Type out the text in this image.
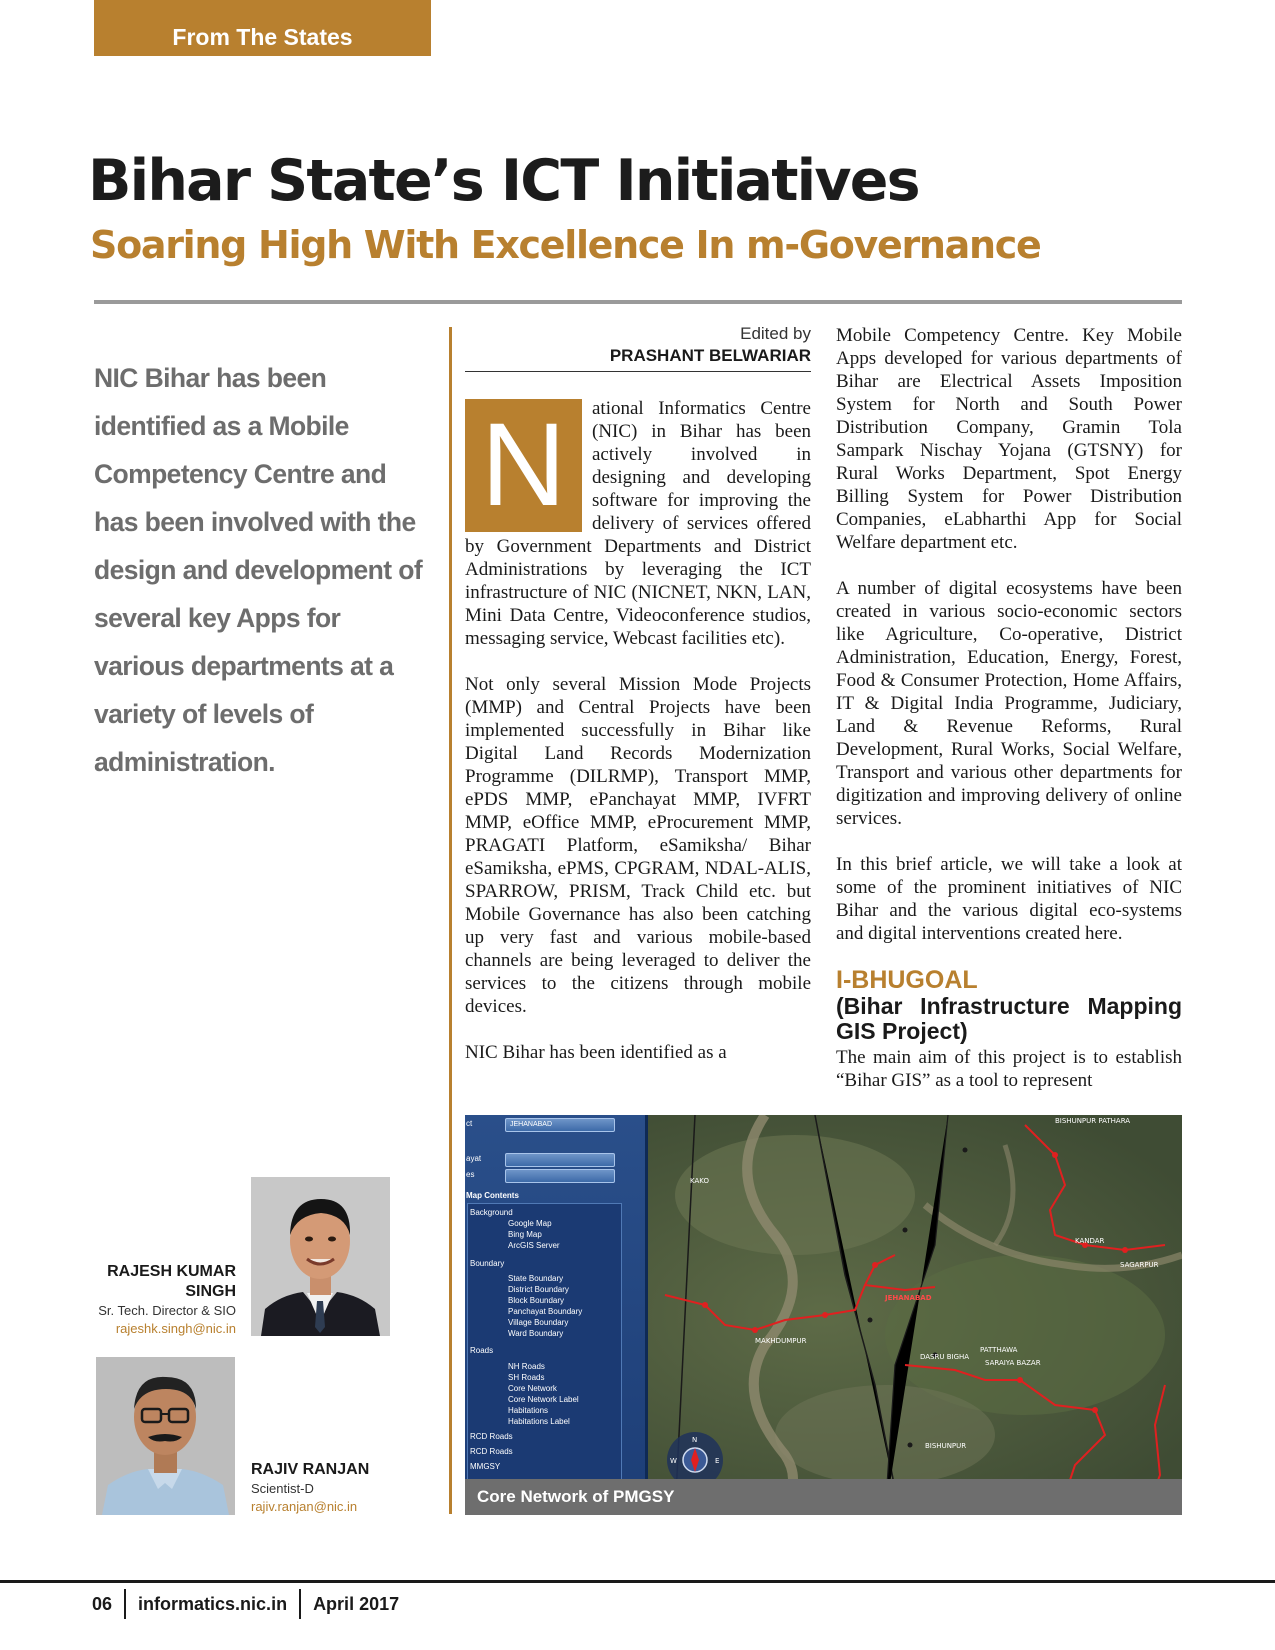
From The States
Bihar State’s ICT Initiatives
Soaring High With Excellence In m-Governance
NIC Bihar has been identified as a Mobile Competency Centre and has been involved with the design and development of several key Apps for various departments at a variety of levels of administration.
Edited by
PRASHANT BELWARIAR

N	ational Informatics Centre (NIC) in Bihar has been actively involved in designing and developing software for improving the delivery of services offered by Government Departments and District Administrations by leveraging the ICT infrastructure of NIC (NICNET, NKN, LAN, Mini Data Centre, Videoconference studios, messaging service, Webcast facilities etc).

Not only several Mission Mode Projects (MMP) and Central Projects have been implemented successfully in Bihar like Digital Land Records Modernization Programme (DILRMP), Transport MMP, ePDS MMP, ePanchayat MMP, IVFRT MMP, eOffice MMP, eProcurement MMP, PRAGATI Platform, eSamiksha/ Bihar eSamiksha, ePMS, CPGRAM, NDAL-ALIS, SPARROW, PRISM, Track Child etc. but Mobile Governance has also been catching up very fast and various mobile-based channels are being leveraged to deliver the services to the citizens through mobile devices.

NIC Bihar has been identified as a

Mobile Competency Centre. Key Mobile Apps developed for various departments of Bihar are Electrical Assets Imposition System for North and South Power Distribution Company, Gramin Tola Sampark Nischay Yojana (GTSNY) for Rural Works Department, Spot Energy Billing System for Power Distribution Companies, eLabharthi App for Social Welfare department etc.

A number of digital ecosystems have been created in various socio-economic sectors like Agriculture, Co-operative, District Administration, Education, Energy, Forest, Food & Consumer Protection, Home Affairs, IT & Digital India Programme, Judiciary, Land & Revenue Reforms, Rural Development, Rural Works, Social Welfare, Transport and various other departments for digitization and improving delivery of online services.

In this brief article, we will take a look at some of the prominent initiatives of NIC Bihar and the various digital eco-systems and digital interventions created here.

I-BHUGOAL
(Bihar Infrastructure Mapping GIS Project)

The main aim of this project is to establish “Bihar GIS” as a tool to represent

RAJESH KUMAR SINGH
Sr. Tech. Director & SIO
rajeshk.singh@nic.in
RAJIV RANJAN
Scientist-D
rajiv.ranjan@nic.in
JEHANABAD
KAKO
BISHUNPUR PATHARA
SAGARPUR
KANDAR
PATTHAWA
SARAIYA BAZAR
MAKHDUMPUR
DASRU BIGHA
BISHUNPUR
N
W	E
ct	JEHANABAD
ayat
es
Map Contents
Background
Google Map
Bing Map
ArcGIS Server
Boundary
State Boundary
District Boundary
Block Boundary
Panchayat Boundary
Village Boundary
Ward Boundary
Roads
NH Roads
SH Roads
Core Network
Core Network Label
Habitations
Habitations Label
RCD Roads
RCD Roads
MMGSY
Core Network of PMGSY
06 informatics.nic.in April 2017
